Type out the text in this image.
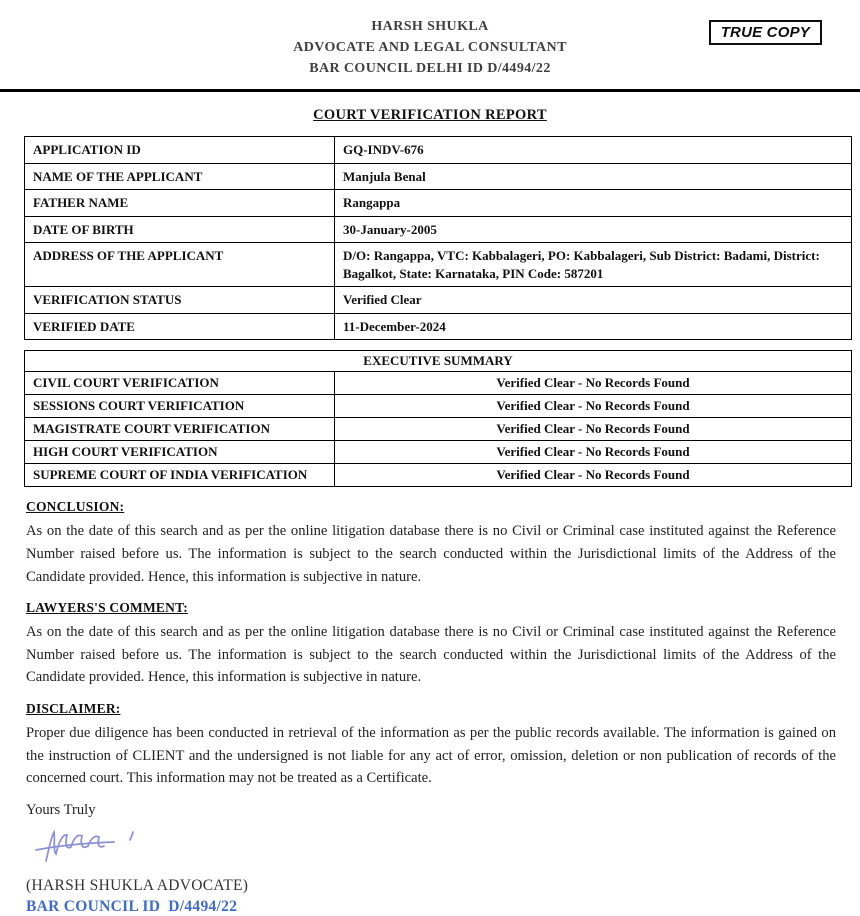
HARSH SHUKLA
ADVOCATE AND LEGAL CONSULTANT
BAR COUNCIL DELHI ID D/4494/22
TRUE COPY
COURT VERIFICATION REPORT
APPLICATION ID	GQ-INDV-676
NAME OF THE APPLICANT	Manjula Benal
FATHER NAME	Rangappa
DATE OF BIRTH	30-January-2005
ADDRESS OF THE APPLICANT	D/O: Rangappa, VTC: Kabbalageri, PO: Kabbalageri, Sub District: Badami, District: Bagalkot, State: Karnataka, PIN Code: 587201
VERIFICATION STATUS	Verified Clear
VERIFIED DATE	11-December-2024
EXECUTIVE SUMMARY	
CIVIL COURT VERIFICATION	Verified Clear - No Records Found
SESSIONS COURT VERIFICATION	Verified Clear - No Records Found
MAGISTRATE COURT VERIFICATION	Verified Clear - No Records Found
HIGH COURT VERIFICATION	Verified Clear - No Records Found
SUPREME COURT OF INDIA VERIFICATION	Verified Clear - No Records Found
CONCLUSION:

As on the date of this search and as per the online litigation database there is no Civil or Criminal case instituted against the Reference Number raised before us. The information is subject to the search conducted within the Jurisdictional limits of the Address of the Candidate provided. Hence, this information is subjective in nature.

LAWYERS'S COMMENT:

As on the date of this search and as per the online litigation database there is no Civil or Criminal case instituted against the Reference Number raised before us. The information is subject to the search conducted within the Jurisdictional limits of the Address of the Candidate provided. Hence, this information is subjective in nature.

DISCLAIMER:

Proper due diligence has been conducted in retrieval of the information as per the public records available. The information is gained on the instruction of CLIENT and the undersigned is not liable for any act of error, omission, deletion or non publication of records of the concerned court. This information may not be treated as a Certificate.

Yours Truly

(HARSH SHUKLA ADVOCATE)
BAR COUNCIL ID D/4494/22
